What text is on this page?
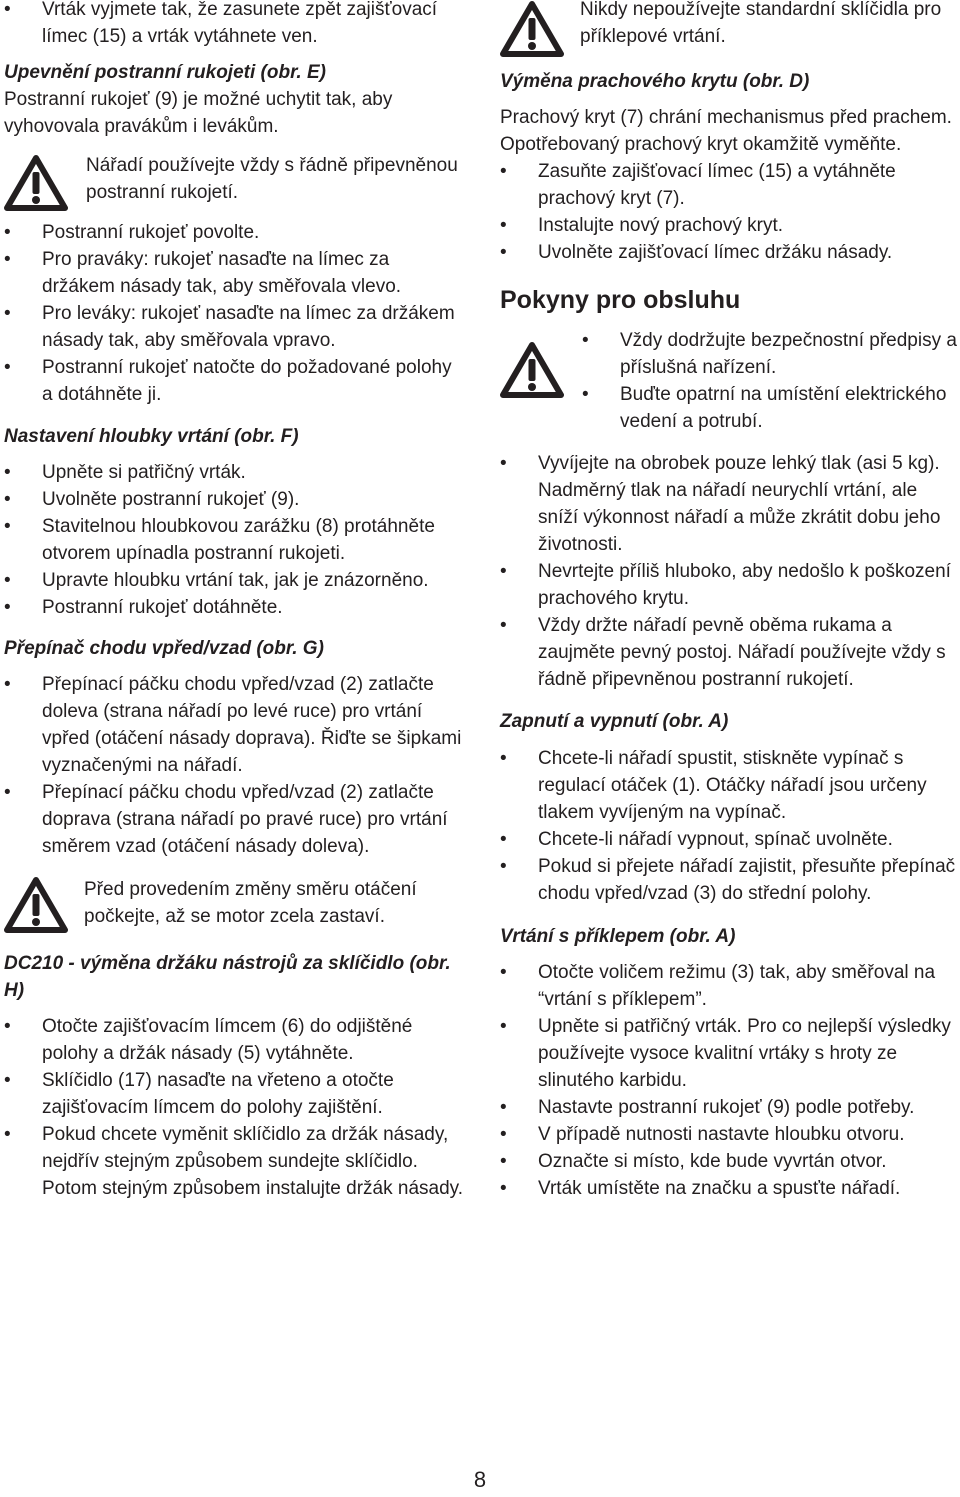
• Vrták vyjmete tak, že zasunete zpět zajišťovací límec (15) a vrták vytáhnete ven.

Upevnění postranní rukojeti (obr. E)

Postranní rukojeť (9) je možné uchytit tak, aby vyhovovala pravákům i levákům.

Nářadí používejte vždy s řádně připevněnou postranní rukojetí.

• Postranní rukojeť povolte.
• Pro praváky: rukojeť nasaďte na límec za držákem násady tak, aby směřovala vlevo.
• Pro leváky: rukojeť nasaďte na límec za držákem násady tak, aby směřovala vpravo.
• Postranní rukojeť natočte do požadované polohy a dotáhněte ji.

Nastavení hloubky vrtání (obr. F)

• Upněte si patřičný vrták.
• Uvolněte postranní rukojeť (9).
• Stavitelnou hloubkovou zarážku (8) protáhněte otvorem upínadla postranní rukojeti.
• Upravte hloubku vrtání tak, jak je znázorněno.
• Postranní rukojeť dotáhněte.

Přepínač chodu vpřed/vzad (obr. G)

• Přepínací páčku chodu vpřed/vzad (2) zatlačte doleva (strana nářadí po levé ruce) pro vrtání vpřed (otáčení násady doprava). Řiďte se šipkami vyznačenými na nářadí.
• Přepínací páčku chodu vpřed/vzad (2) zatlačte doprava (strana nářadí po pravé ruce) pro vrtání směrem vzad (otáčení násady doleva).

Před provedením změny směru otáčení počkejte, až se motor zcela zastaví.

DC210 - výměna držáku nástrojů za sklíčidlo (obr. H)

• Otočte zajišťovacím límcem (6) do odjištěné polohy a držák násady (5) vytáhněte.
• Sklíčidlo (17) nasaďte na vřeteno a otočte zajišťovacím límcem do polohy zajištění.
• Pokud chcete vyměnit sklíčidlo za držák násady, nejdřív stejným způsobem sundejte sklíčidlo. Potom stejným způsobem instalujte držák násady.

Nikdy nepoužívejte standardní sklíčidla pro příklepové vrtání.

Výměna prachového krytu (obr. D)

Prachový kryt (7) chrání mechanismus před prachem. Opotřebovaný prachový kryt okamžitě vyměňte.

• Zasuňte zajišťovací límec (15) a vytáhněte prachový kryt (7).
• Instalujte nový prachový kryt.
• Uvolněte zajišťovací límec držáku násady.

Pokyny pro obsluhu

• Vždy dodržujte bezpečnostní předpisy a příslušná nařízení.
• Buďte opatrní na umístění elektrického vedení a potrubí.
• Vyvíjejte na obrobek pouze lehký tlak (asi 5 kg). Nadměrný tlak na nářadí neurychlí vrtání, ale sníží výkonnost nářadí a může zkrátit dobu jeho životnosti.
• Nevrtejte příliš hluboko, aby nedošlo k poškození prachového krytu.
• Vždy držte nářadí pevně oběma rukama a zaujměte pevný postoj. Nářadí používejte vždy s řádně připevněnou postranní rukojetí.

Zapnutí a vypnutí (obr. A)

• Chcete-li nářadí spustit, stiskněte vypínač s regulací otáček (1). Otáčky nářadí jsou určeny tlakem vyvíjeným na vypínač.
• Chcete-li nářadí vypnout, spínač uvolněte.
• Pokud si přejete nářadí zajistit, přesuňte přepínač chodu vpřed/vzad (3) do střední polohy.

Vrtání s příklepem (obr. A)

• Otočte voličem režimu (3) tak, aby směřoval na “vrtání s příklepem”.
• Upněte si patřičný vrták. Pro co nejlepší výsledky používejte vysoce kvalitní vrtáky s hroty ze slinutého karbidu.
• Nastavte postranní rukojeť (9) podle potřeby.
• V případě nutnosti nastavte hloubku otvoru.
• Označte si místo, kde bude vyvrtán otvor.
• Vrták umístěte na značku a spusťte nářadí.
8
